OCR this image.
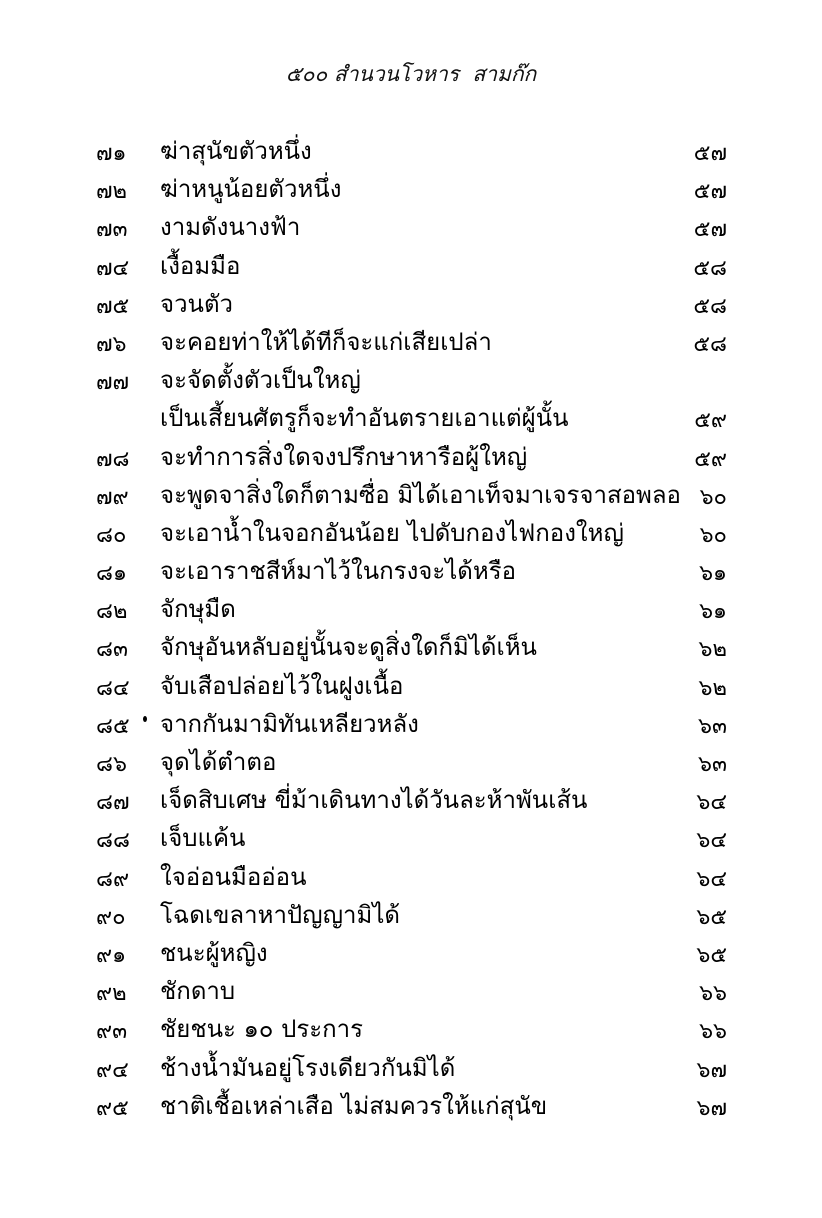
๕๐๐ สำนวนโวหาร  สามก๊ก
๗๑ ฆ่าสุนัขตัวหนึ่ง	๕๗
๗๒ ฆ่าหนูน้อยตัวหนึ่ง	๕๗
๗๓ งามดังนางฟ้า	๕๗
๗๔ เงื้อมมือ	๕๘
๗๕ จวนตัว	๕๘
๗๖ จะคอยท่าให้ได้ทีก็จะแก่เสียเปล่า	๕๘
๗๗ จะจัดตั้งตัวเป็นใหญ่
เป็นเสี้ยนศัตรูก็จะทำอันตรายเอาแต่ผู้นั้น	๕๙
๗๘ จะทำการสิ่งใดจงปรึกษาหารือผู้ใหญ่	๕๙
๗๙ จะพูดจาสิ่งใดก็ตามซื่อ มิได้เอาเท็จมาเจรจาสอพลอ ๖๐
๘๐ จะเอาน้ำในจอกอันน้อย ไปดับกองไฟกองใหญ่	๖๐
๘๑ จะเอาราชสีห์มาไว้ในกรงจะได้หรือ	๖๑
๘๒ จักษุมืด	๖๑
๘๓ จักษุอันหลับอยู่นั้นจะดูสิ่งใดก็มิได้เห็น	๖๒
๘๔ จับเสือปล่อยไว้ในฝูงเนื้อ	๖๒
๘๕ จากกันมามิทันเหลียวหลัง	๖๓
๘๖ จุดได้ตำตอ	๖๓
๘๗ เจ็ดสิบเศษ ขี่ม้าเดินทางได้วันละห้าพันเส้น	๖๔
๘๘ เจ็บแค้น	๖๔
๘๙ ใจอ่อนมืออ่อน	๖๔
๙๐ โฉดเขลาหาปัญญามิได้	๖๕
๙๑ ชนะผู้หญิง	๖๕
๙๒ ชักดาบ	๖๖
๙๓ ชัยชนะ ๑๐ ประการ	๖๖
๙๔ ช้างน้ำมันอยู่โรงเดียวกันมิได้	๖๗
๙๕ ชาติเชื้อเหล่าเสือ ไม่สมควรให้แก่สุนัข	๖๗
